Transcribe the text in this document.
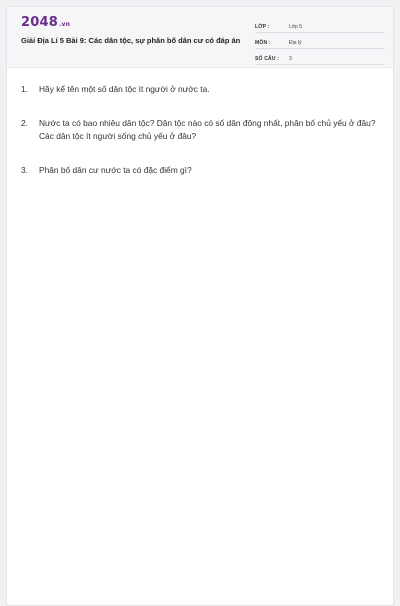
2048.vn
Giải Địa Lí 5 Bài 9: Các dân tộc, sự phân bố dân cư có đáp án
LỚP :	Lớp 5
MÔN :	Địa lý
SỐ CÂU :	3
1.	Hãy kể tên một số dân tộc ít người ở nước ta.
2.	Nước ta có bao nhiêu dân tộc? Dân tộc nào có số dân đông nhất, phân bố chủ yếu ở đâu? Các dân tộc ít người sống chủ yếu ở đâu?
3.	Phân bố dân cư nước ta có đặc điểm gì?
